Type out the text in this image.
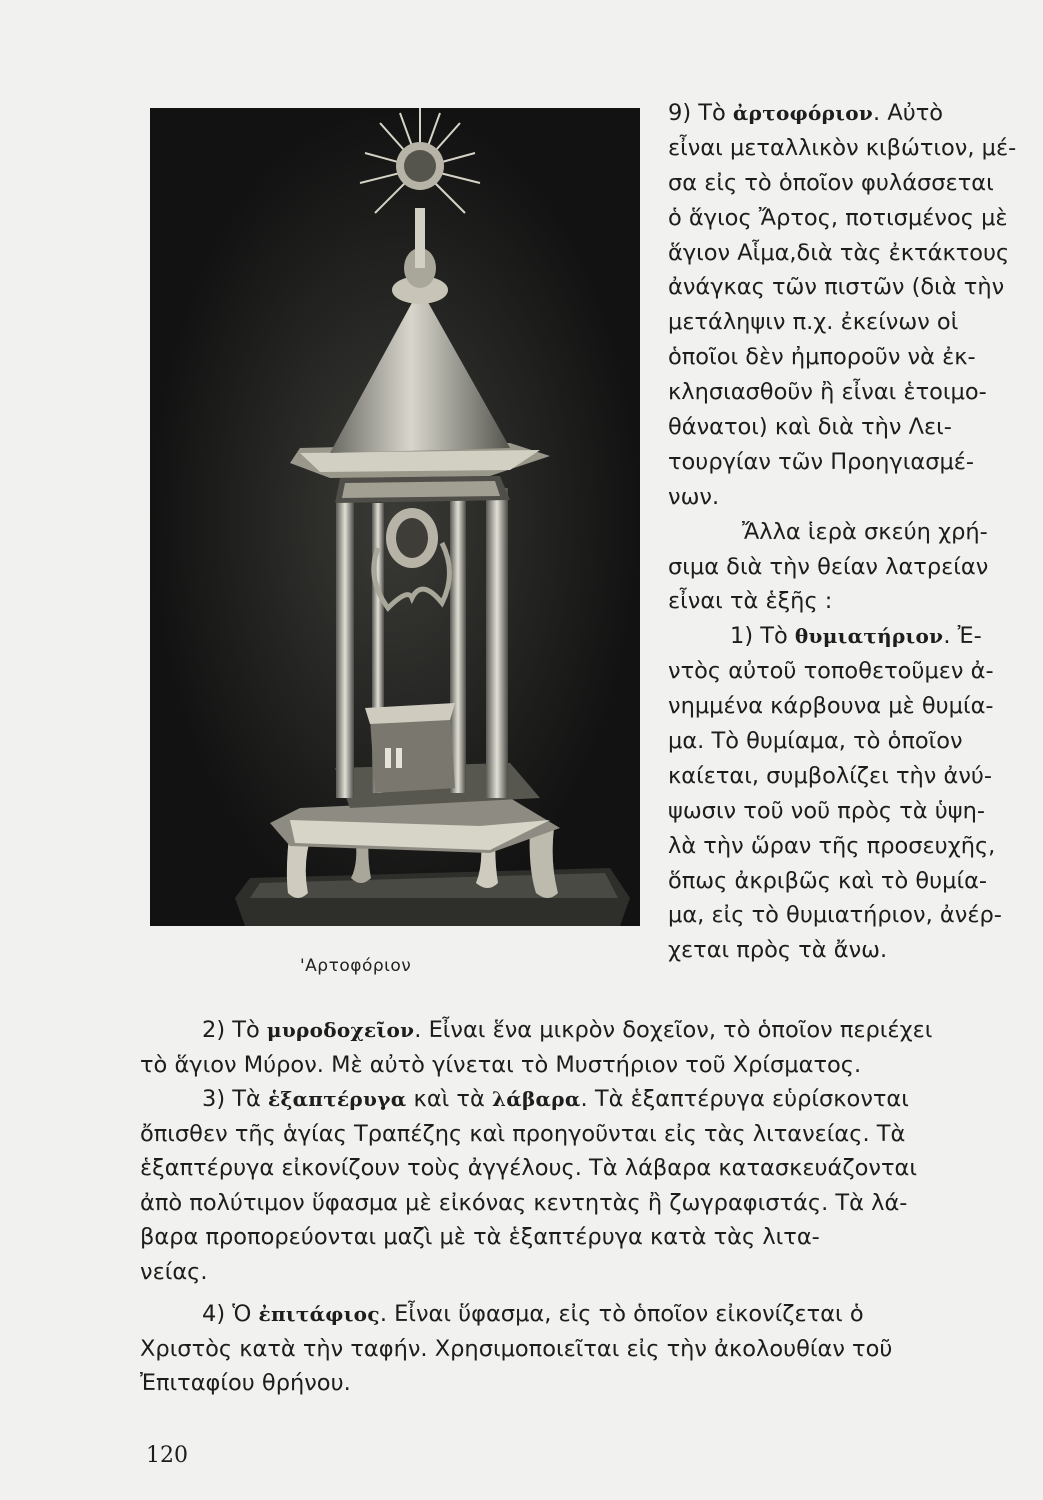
'Αρτοφόριον
9) Τὸ ἀρτοφόριον. Αὐτὸ
εἶναι μεταλλικὸν κιβώτιον, μέ-
σα εἰς τὸ ὁποῖον φυλάσσεται
ὁ ἅγιος Ἄρτος, ποτισμένος μὲ
ἅγιον Αἷμα,διὰ τὰς ἐκτάκτους
ἀνάγκας τῶν πιστῶν (διὰ τὴν
μετάληψιν π.χ. ἐκείνων οἱ
ὁποῖοι δὲν ἠμποροῦν νὰ ἐκ-
κλησιασθοῦν ἢ εἶναι ἑτοιμο-
θάνατοι) καὶ διὰ τὴν Λει-
τουργίαν τῶν Προηγιασμέ-
νων.
Ἄλλα ἱερὰ σκεύη χρή-
σιμα διὰ τὴν θείαν λατρείαν
εἶναι τὰ ἑξῆς :
1) Τὸ θυμιατήριον. Ἐ-
ντὸς αὐτοῦ τοποθετοῦμεν ἀ-
νημμένα κάρβουνα μὲ θυμία-
μα. Τὸ θυμίαμα, τὸ ὁποῖον
καίεται, συμβολίζει τὴν ἀνύ-
ψωσιν τοῦ νοῦ πρὸς τὰ ὑψη-
λὰ τὴν ὥραν τῆς προσευχῆς,
ὅπως ἀκριβῶς καὶ τὸ θυμία-
μα, εἰς τὸ θυμιατήριον, ἀνέρ-
χεται πρὸς τὰ ἄνω.
2) Τὸ μυροδοχεῖον. Εἶναι ἕνα μικρὸν δοχεῖον, τὸ ὁποῖον περιέχει
τὸ ἅγιον Μύρον. Μὲ αὐτὸ γίνεται τὸ Μυστήριον τοῦ Χρίσματος.
3) Τὰ ἑξαπτέρυγα καὶ τὰ λάβαρα. Τὰ ἑξαπτέρυγα εὑρίσκονται
ὄπισθεν τῆς ἁγίας Τραπέζης καὶ προηγοῦνται εἰς τὰς λιτανείας. Τὰ
ἑξαπτέρυγα εἰκονίζουν τοὺς ἀγγέλους. Τὰ λάβαρα κατασκευάζονται
ἀπὸ πολύτιμον ὕφασμα μὲ εἰκόνας κεντητὰς ἢ ζωγραφιστάς. Τὰ λά-
βαρα προπορεύονται μαζὶ μὲ τὰ ἑξαπτέρυγα κατὰ τὰς λιτα-
νείας.
4) Ὁ ἐπιτάφιος. Εἶναι ὕφασμα, εἰς τὸ ὁποῖον εἰκονίζεται ὁ
Χριστὸς κατὰ τὴν ταφήν. Χρησιμοποιεῖται εἰς τὴν ἀκολουθίαν τοῦ
Ἐπιταφίου θρήνου.
120
